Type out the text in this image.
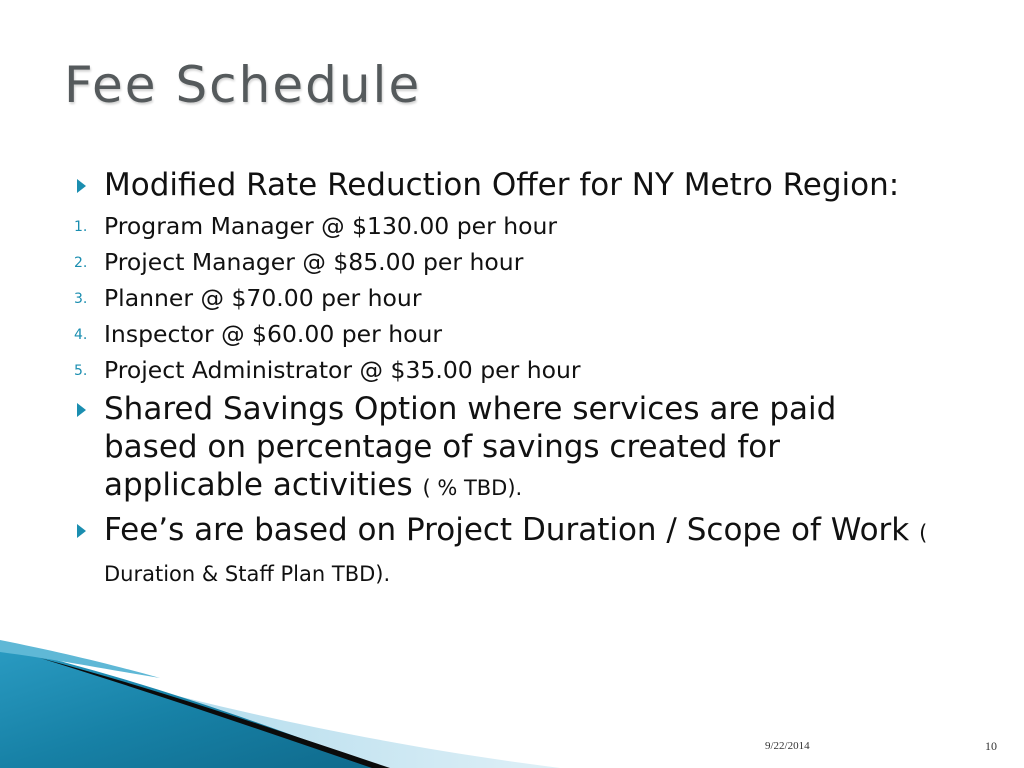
Fee Schedule
Modified Rate Reduction Offer for NY Metro Region:
1. Program Manager @ $130.00 per hour
2. Project Manager @ $85.00 per hour
3. Planner @ $70.00 per hour
4. Inspector @ $60.00 per hour
5. Project Administrator @ $35.00 per hour
Shared Savings Option where services are paid based on percentage of savings created for applicable activities ( % TBD).
Fee’s are based on Project Duration / Scope of Work ( Duration & Staff Plan TBD).
9/22/2014	10
